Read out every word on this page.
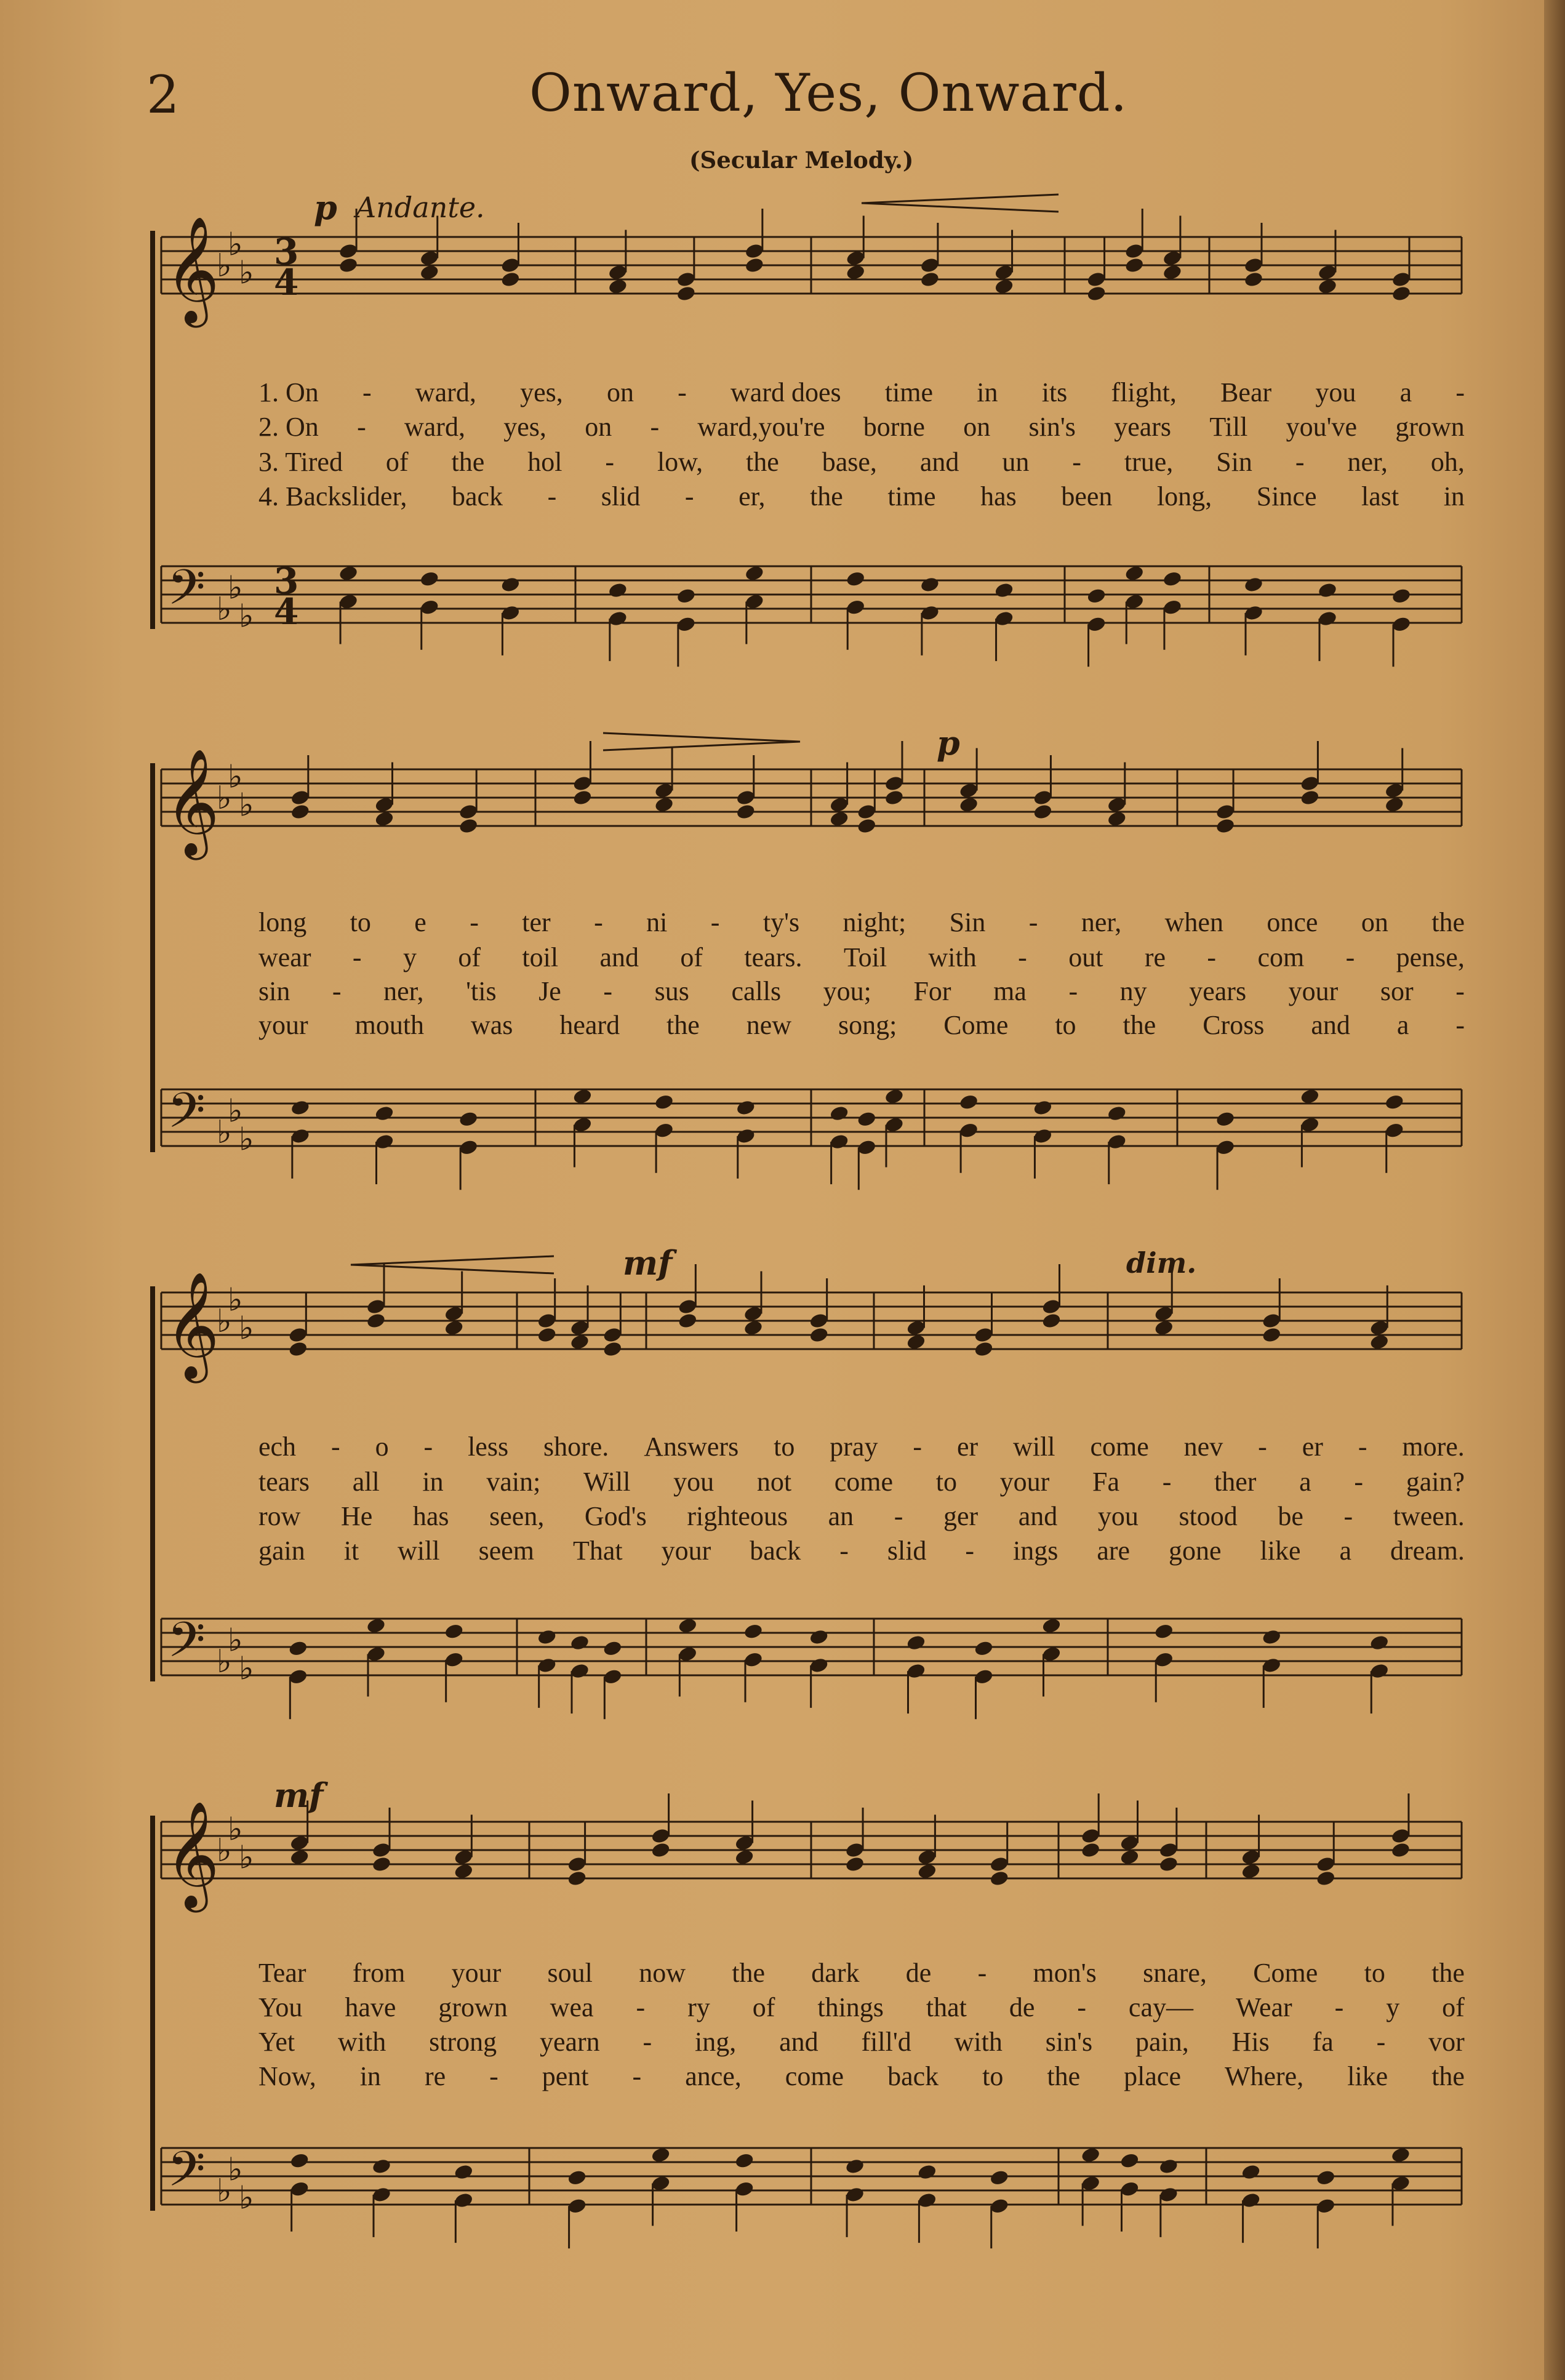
2	Onward, Yes, Onward.
(Secular Melody.)
p Andante.
p
mf	dim.
mf
𝄞
𝄢
♭
♭
♭
♭
♭
♭
3
4
3
4
𝄞
𝄢
♭
♭
♭
♭
♭
♭
𝄞
𝄢
♭
♭
♭
♭
♭
♭
𝄞
𝄢
♭
♭
♭
♭
♭
♭
1. On - ward, yes, on - ward does time in its flight, Bear you a -
2. On - ward, yes, on - ward,you're borne on sin's years Till you've grown
3. Tired of the hol - low, the base, and un - true, Sin - ner, oh,
4. Backslider, back - slid - er, the time has been long, Since last in
long to e - ter - ni - ty's night; Sin - ner, when once on the
wear - y of toil and of tears. Toil with - out re - com - pense,
sin - ner, 'tis Je - sus calls you; For ma - ny years your sor -
your mouth was heard the new song; Come to the Cross and a -
ech - o - less shore. Answers to pray - er will come nev - er - more.
tears all in vain; Will you not come to your Fa - ther a - gain?
row He has seen, God's righteous an - ger and you stood be - tween.
gain it will seem That your back - slid - ings are gone like a dream.
Tear from your soul now the dark de - mon's snare, Come to the
You have grown wea - ry of things that de - cay— Wear - y of
Yet with strong yearn - ing, and fill'd with sin's pain, His fa - vor
Now, in re - pent - ance, come back to the place Where, like the
